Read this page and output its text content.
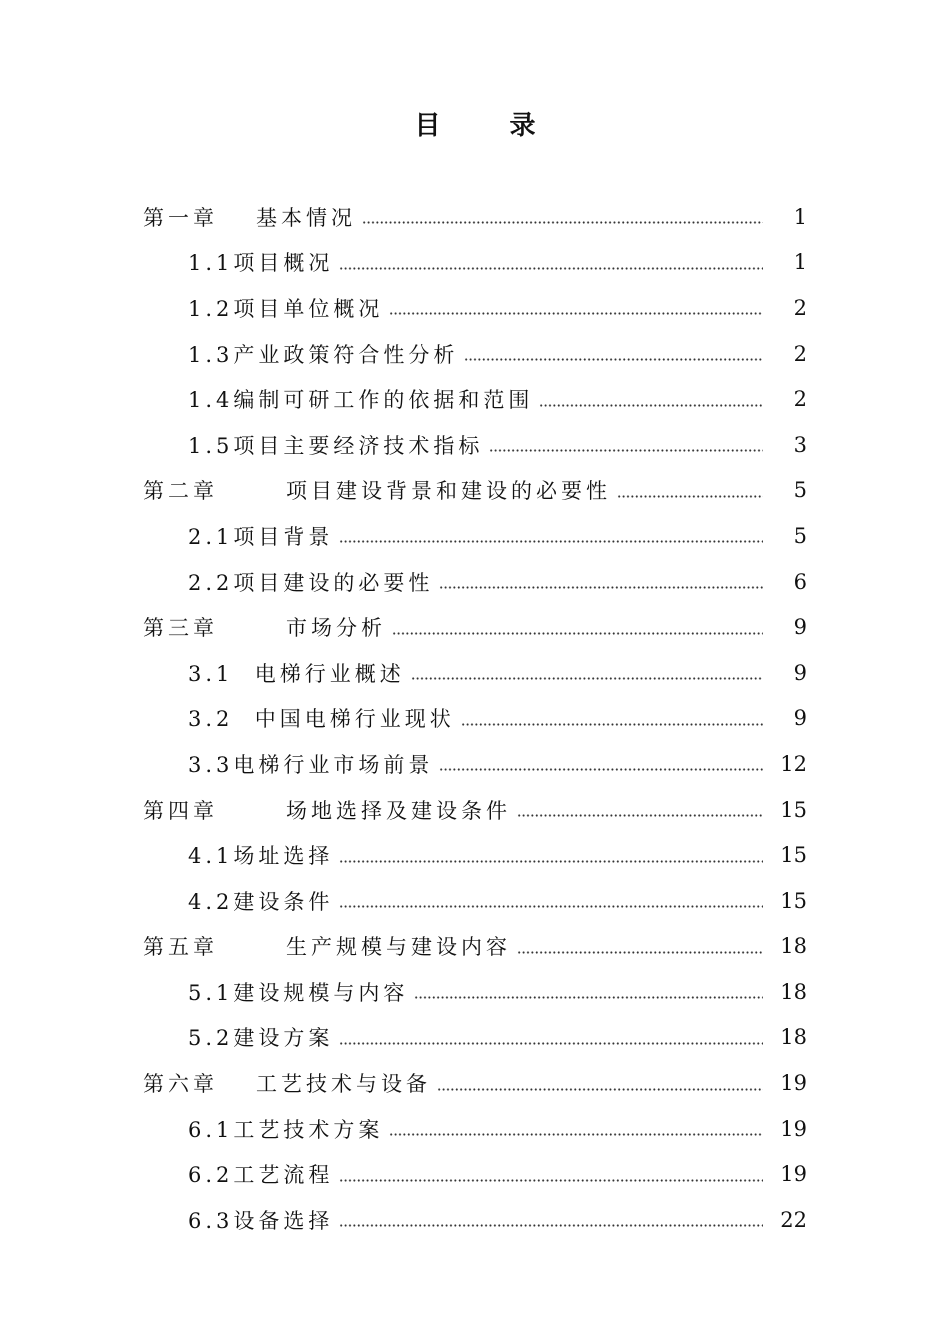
目 录
第一章 基本情况	1
1.1项目概况	1
1.2项目单位概况	2
1.3产业政策符合性分析	2
1.4编制可研工作的依据和范围	2
1.5项目主要经济技术指标	3
第二章	项目建设背景和建设的必要性	5
2.1项目背景	5
2.2项目建设的必要性	6
第三章	市场分析	9
3.1  电梯行业概述	9
3.2  中国电梯行业现状	9
3.3电梯行业市场前景	12
第四章	场地选择及建设条件	15
4.1场址选择	15
4.2建设条件	15
第五章	生产规模与建设内容	18
5.1建设规模与内容	18
5.2建设方案	18
第六章 工艺技术与设备	19
6.1工艺技术方案	19
6.2工艺流程	19
6.3设备选择	22
